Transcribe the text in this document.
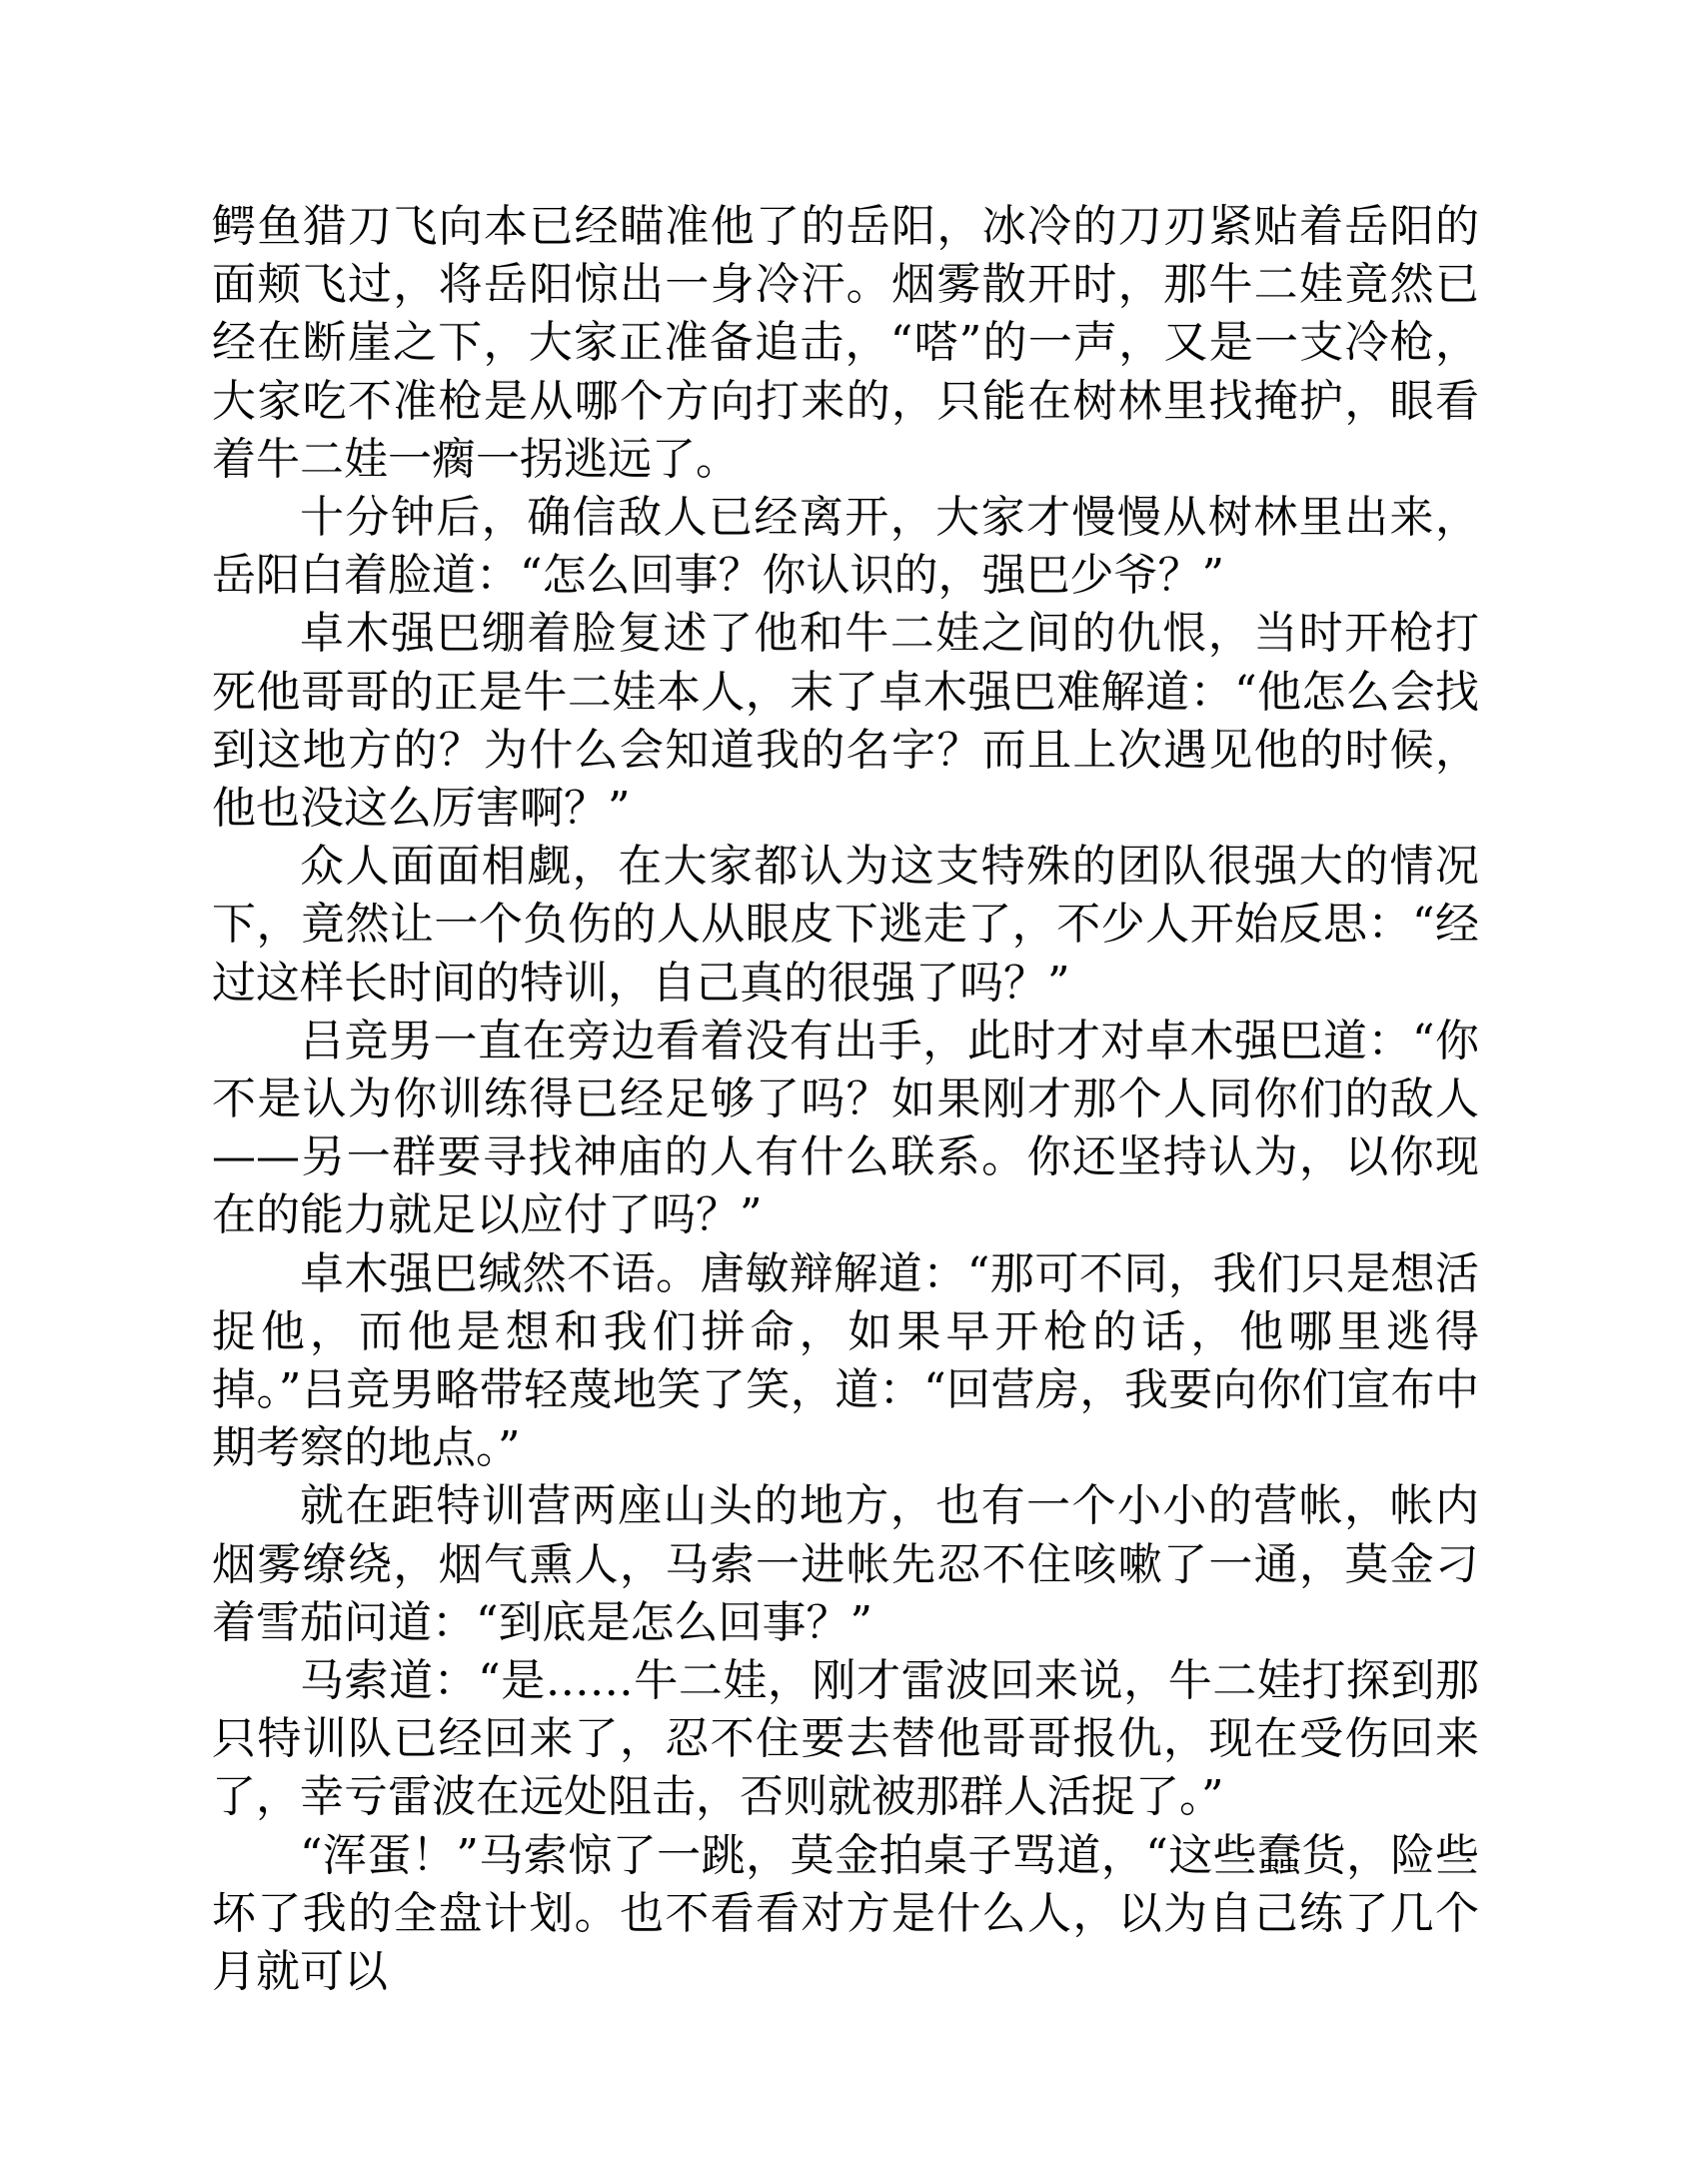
鳄鱼猎刀飞向本已经瞄准他了的岳阳，冰冷的刀刃紧贴着岳阳的面颊飞过，将岳阳惊出一身冷汗。烟雾散开时，那牛二娃竟然已经在断崖之下，大家正准备追击，“嗒”的一声，又是一支冷枪，大家吃不准枪是从哪个方向打来的，只能在树林里找掩护，眼看着牛二娃一瘸一拐逃远了。

十分钟后，确信敌人已经离开，大家才慢慢从树林里出来，岳阳白着脸道：“怎么回事？你认识的，强巴少爷？”

卓木强巴绷着脸复述了他和牛二娃之间的仇恨，当时开枪打死他哥哥的正是牛二娃本人，末了卓木强巴难解道：“他怎么会找到这地方的？为什么会知道我的名字？而且上次遇见他的时候，他也没这么厉害啊？”

众人面面相觑，在大家都认为这支特殊的团队很强大的情况下，竟然让一个负伤的人从眼皮下逃走了，不少人开始反思：“经过这样长时间的特训，自己真的很强了吗？”

吕竞男一直在旁边看着没有出手，此时才对卓木强巴道：“你不是认为你训练得已经足够了吗？如果刚才那个人同你们的敌人——另一群要寻找神庙的人有什么联系。你还坚持认为，以你现在的能力就足以应付了吗？”

卓木强巴缄然不语。唐敏辩解道：“那可不同，我们只是想活捉他，而他是想和我们拼命，如果早开枪的话，他哪里逃得掉。”吕竞男略带轻蔑地笑了笑，道：“回营房，我要向你们宣布中期考察的地点。”

就在距特训营两座山头的地方，也有一个小小的营帐，帐内烟雾缭绕，烟气熏人，马索一进帐先忍不住咳嗽了一通，莫金刁着雪茄问道：“到底是怎么回事？”

马索道：“是……牛二娃，刚才雷波回来说，牛二娃打探到那只特训队已经回来了，忍不住要去替他哥哥报仇，现在受伤回来了，幸亏雷波在远处阻击，否则就被那群人活捉了。”

“浑蛋！”马索惊了一跳，莫金拍桌子骂道，“这些蠢货，险些坏了我的全盘计划。也不看看对方是什么人，以为自己练了几个月就可以
